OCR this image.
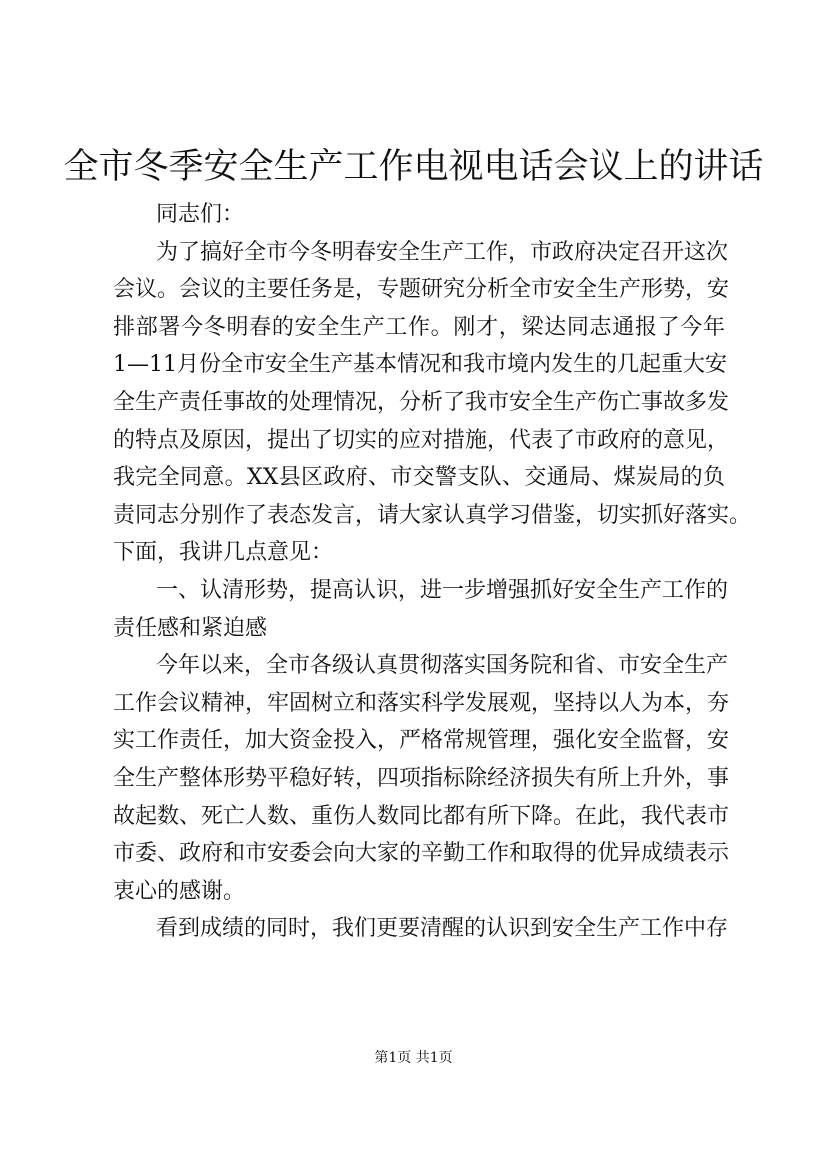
全市冬季安全生产工作电视电话会议上的讲话
同志们：
为了搞好全市今冬明春安全生产工作，市政府决定召开这次
会议。会议的主要任务是，专题研究分析全市安全生产形势，安
排部署今冬明春的安全生产工作。刚才，梁达同志通报了今年
1—11月份全市安全生产基本情况和我市境内发生的几起重大安
全生产责任事故的处理情况，分析了我市安全生产伤亡事故多发
的特点及原因，提出了切实的应对措施，代表了市政府的意见，
我完全同意。XX县区政府、市交警支队、交通局、煤炭局的负
责同志分别作了表态发言，请大家认真学习借鉴，切实抓好落实。
下面，我讲几点意见：
一、认清形势，提高认识，进一步增强抓好安全生产工作的
责任感和紧迫感
今年以来，全市各级认真贯彻落实国务院和省、市安全生产
工作会议精神，牢固树立和落实科学发展观，坚持以人为本，夯
实工作责任，加大资金投入，严格常规管理，强化安全监督，安
全生产整体形势平稳好转，四项指标除经济损失有所上升外，事
故起数、死亡人数、重伤人数同比都有所下降。在此，我代表市
市委、政府和市安委会向大家的辛勤工作和取得的优异成绩表示
衷心的感谢。
看到成绩的同时，我们更要清醒的认识到安全生产工作中存
第1页 共1页
